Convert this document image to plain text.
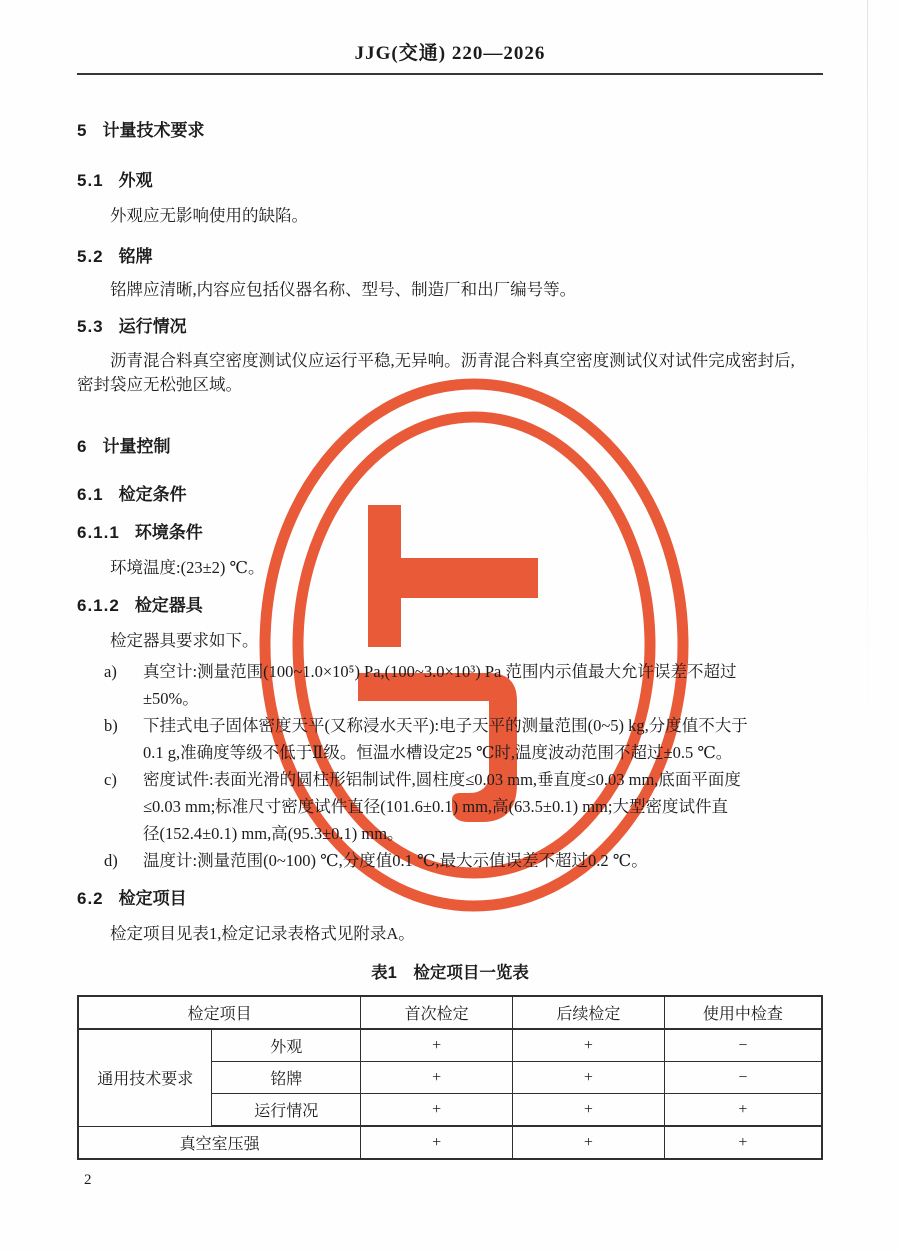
JJG(交通) 220—2026
5 计量技术要求
5.1 外观
外观应无影响使用的缺陷。
5.2 铭牌
铭牌应清晰,内容应包括仪器名称、型号、制造厂和出厂编号等。
5.3 运行情况
沥青混合料真空密度测试仪应运行平稳,无异响。沥青混合料真空密度测试仪对试件完成密封后,
密封袋应无松弛区域。
6 计量控制
6.1 检定条件
6.1.1 环境条件
环境温度:(23±2) ℃。
6.1.2 检定器具
检定器具要求如下。
a) 真空计:测量范围(100~1.0×10⁵) Pa,(100~3.0×10³) Pa 范围内示值最大允许误差不超过
±50%。
b) 下挂式电子固体密度天平(又称浸水天平):电子天平的测量范围(0~5) kg,分度值不大于
0.1 g,准确度等级不低于Ⅱ级。恒温水槽设定25 ℃时,温度波动范围不超过±0.5 ℃。
c) 密度试件:表面光滑的圆柱形铝制试件,圆柱度≤0.03 mm,垂直度≤0.03 mm,底面平面度
≤0.03 mm;标准尺寸密度试件直径(101.6±0.1) mm,高(63.5±0.1) mm;大型密度试件直
径(152.4±0.1) mm,高(95.3±0.1) mm。
d) 温度计:测量范围(0~100) ℃,分度值0.1 ℃,最大示值误差不超过0.2 ℃。
6.2 检定项目
检定项目见表1,检定记录表格式见附录A。
表1　检定项目一览表
检定项目		首次检定	后续检定	使用中检查
通用技术要求	外观	+	+	−
	铭牌	+	+	−
	运行情况	+	+	+
真空室压强		+	+	+
2
